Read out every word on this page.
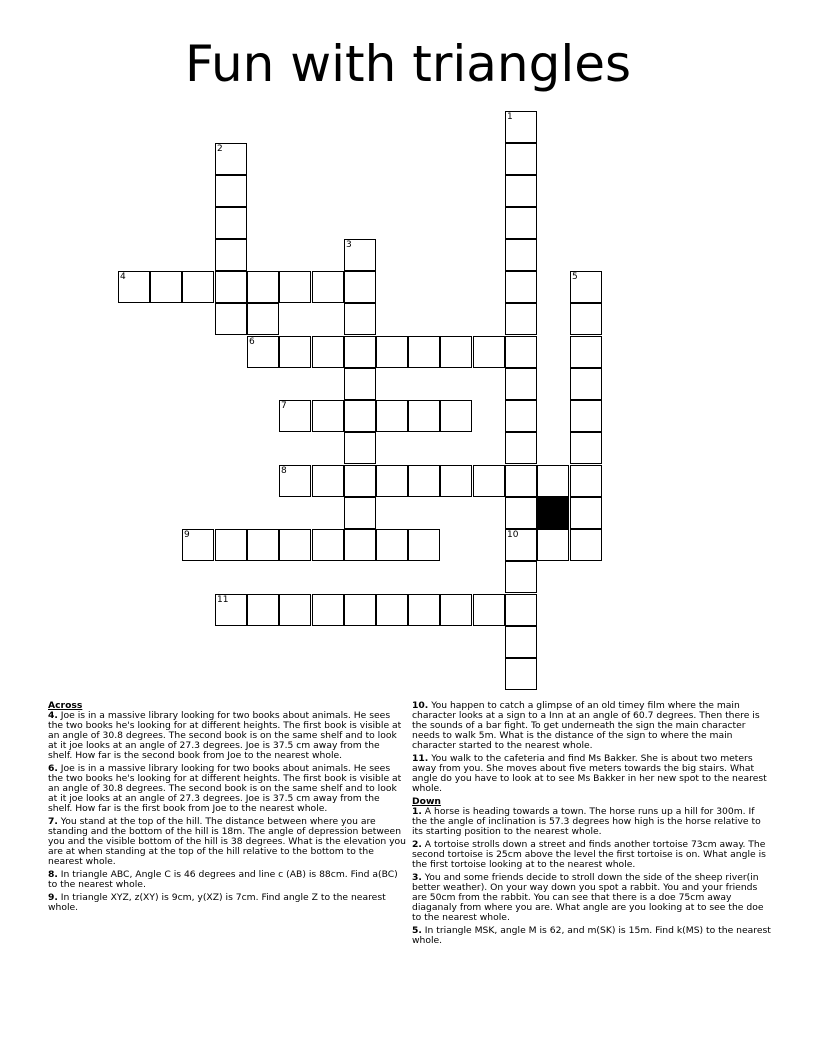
Fun with triangles
1
2
3
4	5
6
7
8
9	10
11
Across
4. Joe is in a massive library looking for two books about animals. He sees the two books he's looking for at different heights. The first book is visible at an angle of 30.8 degrees. The second book is on the same shelf and to look at it joe looks at an angle of 27.3 degrees. Joe is 37.5 cm away from the shelf. How far is the second book from Joe to the nearest whole.
6. Joe is in a massive library looking for two books about animals. He sees the two books he's looking for at different heights. The first book is visible at an angle of 30.8 degrees. The second book is on the same shelf and to look at it joe looks at an angle of 27.3 degrees. Joe is 37.5 cm away from the shelf. How far is the first book from Joe to the nearest whole.
7. You stand at the top of the hill. The distance between where you are standing and the bottom of the hill is 18m. The angle of depression between you and the visible bottom of the hill is 38 degrees. What is the elevation you are at when standing at the top of the hill relative to the bottom to the nearest whole.
8. In triangle ABC, Angle C is 46 degrees and line c (AB) is 88cm. Find a(BC) to the nearest whole.
9. In triangle XYZ, z(XY) is 9cm, y(XZ) is 7cm. Find angle Z to the nearest whole.
10. You happen to catch a glimpse of an old timey film where the main character looks at a sign to a Inn at an angle of 60.7 degrees. Then there is the sounds of a bar fight. To get underneath the sign the main character needs to walk 5m. What is the distance of the sign to where the main character started to the nearest whole.
11. You walk to the cafeteria and find Ms Bakker. She is about two meters away from you. She moves about five meters towards the big stairs. What angle do you have to look at to see Ms Bakker in her new spot to the nearest whole.
Down
1. A horse is heading towards a town. The horse runs up a hill for 300m. If the the angle of inclination is 57.3 degrees how high is the horse relative to its starting position to the nearest whole.
2. A tortoise strolls down a street and finds another tortoise 73cm away. The second tortoise is 25cm above the level the first tortoise is on. What angle is the first tortoise looking at to the nearest whole.
3. You and some friends decide to stroll down the side of the sheep river(in better weather). On your way down you spot a rabbit. You and your friends are 50cm from the rabbit. You can see that there is a doe 75cm away diaganaly from where you are. What angle are you looking at to see the doe to the nearest whole.
5. In triangle MSK, angle M is 62, and m(SK) is 15m. Find k(MS) to the nearest whole.
